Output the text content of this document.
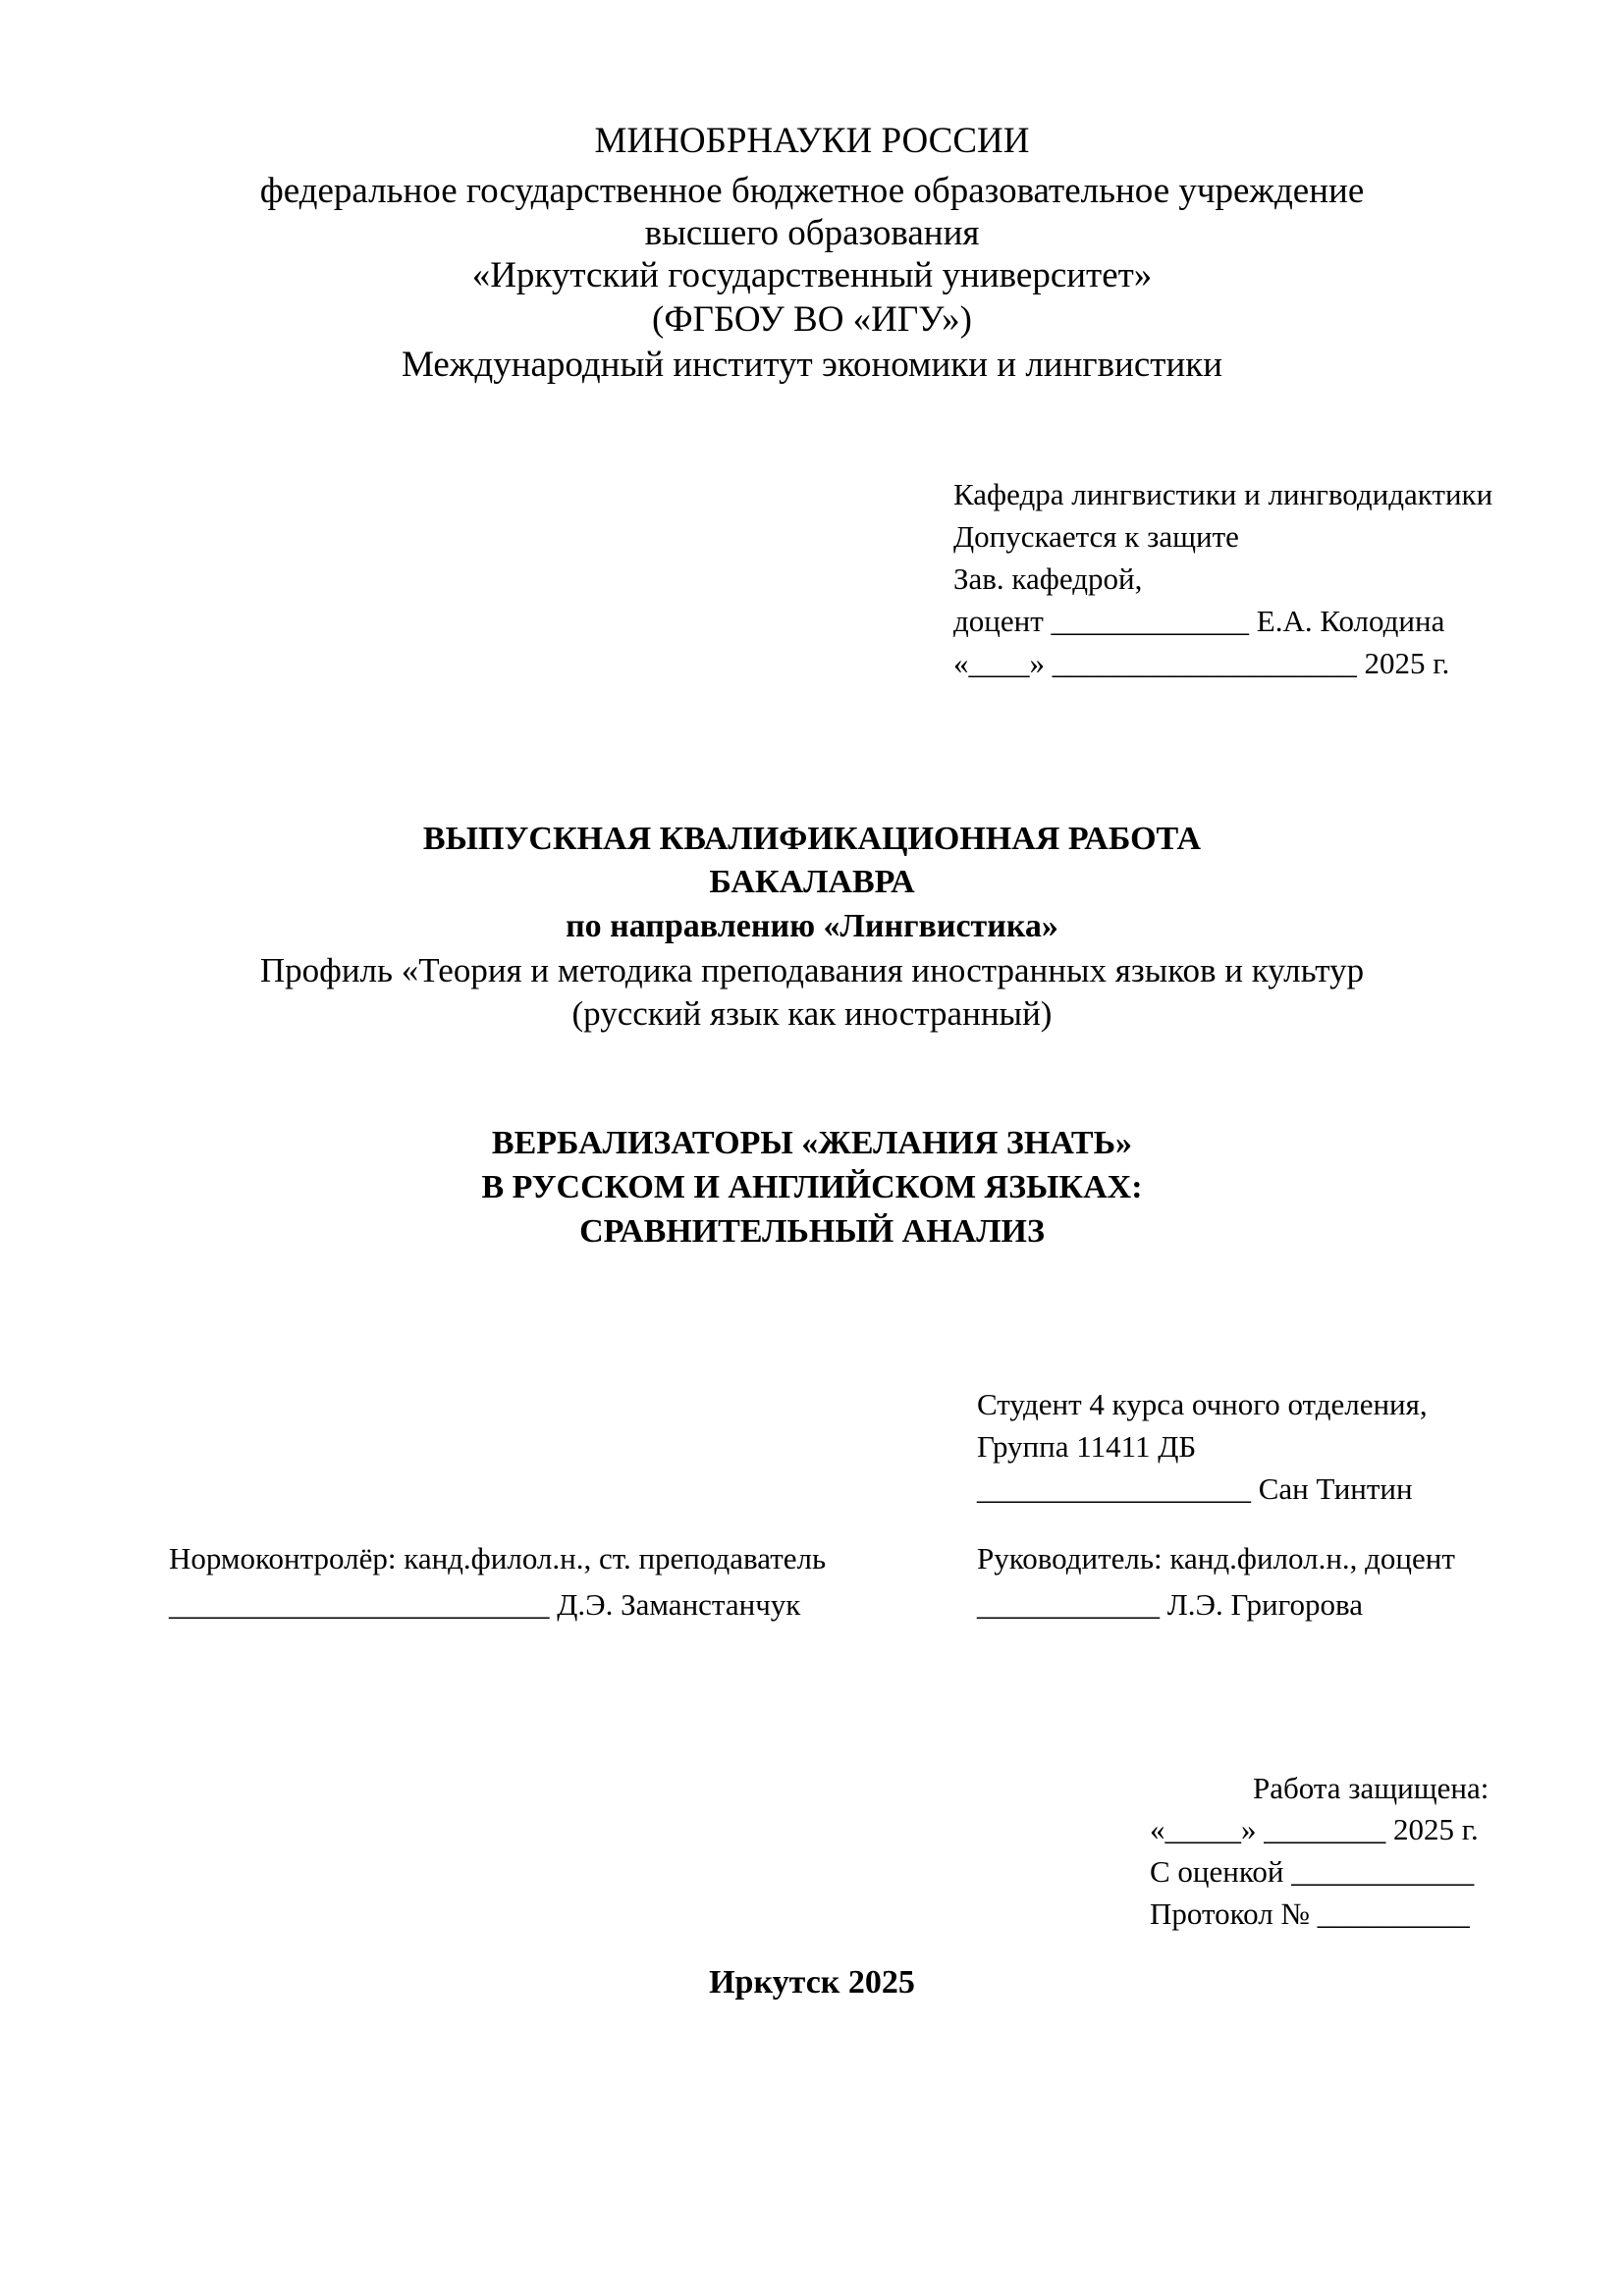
МИНОБРНАУКИ РОССИИ
федеральное государственное бюджетное образовательное учреждение
высшего образования
«Иркутский государственный университет»
(ФГБОУ ВО «ИГУ»)
Международный институт экономики и лингвистики
Кафедра лингвистики и лингводидактики
Допускается к защите
Зав. кафедрой,
доцент _____________ Е.А. Колодина
«____» ____________________ 2025 г.
ВЫПУСКНАЯ КВАЛИФИКАЦИОННАЯ РАБОТА
БАКАЛАВРА
по направлению «Лингвистика»
Профиль «Теория и методика преподавания иностранных языков и культур
(русский язык как иностранный)
ВЕРБАЛИЗАТОРЫ «ЖЕЛАНИЯ ЗНАТЬ»
В РУССКОМ И АНГЛИЙСКОМ ЯЗЫКАХ:
СРАВНИТЕЛЬНЫЙ АНАЛИЗ
Студент 4 курса очного отделения,
Группа 11411 ДБ
__________________ Сан Тинтин
Нормоконтролёр: канд.филол.н., ст. преподаватель
_________________________ Д.Э. Заманстанчук
Руководитель: канд.филол.н., доцент
____________ Л.Э. Григорова
Работа защищена:
«_____» ________ 2025 г.
С оценкой ____________
Протокол № __________
Иркутск 2025
